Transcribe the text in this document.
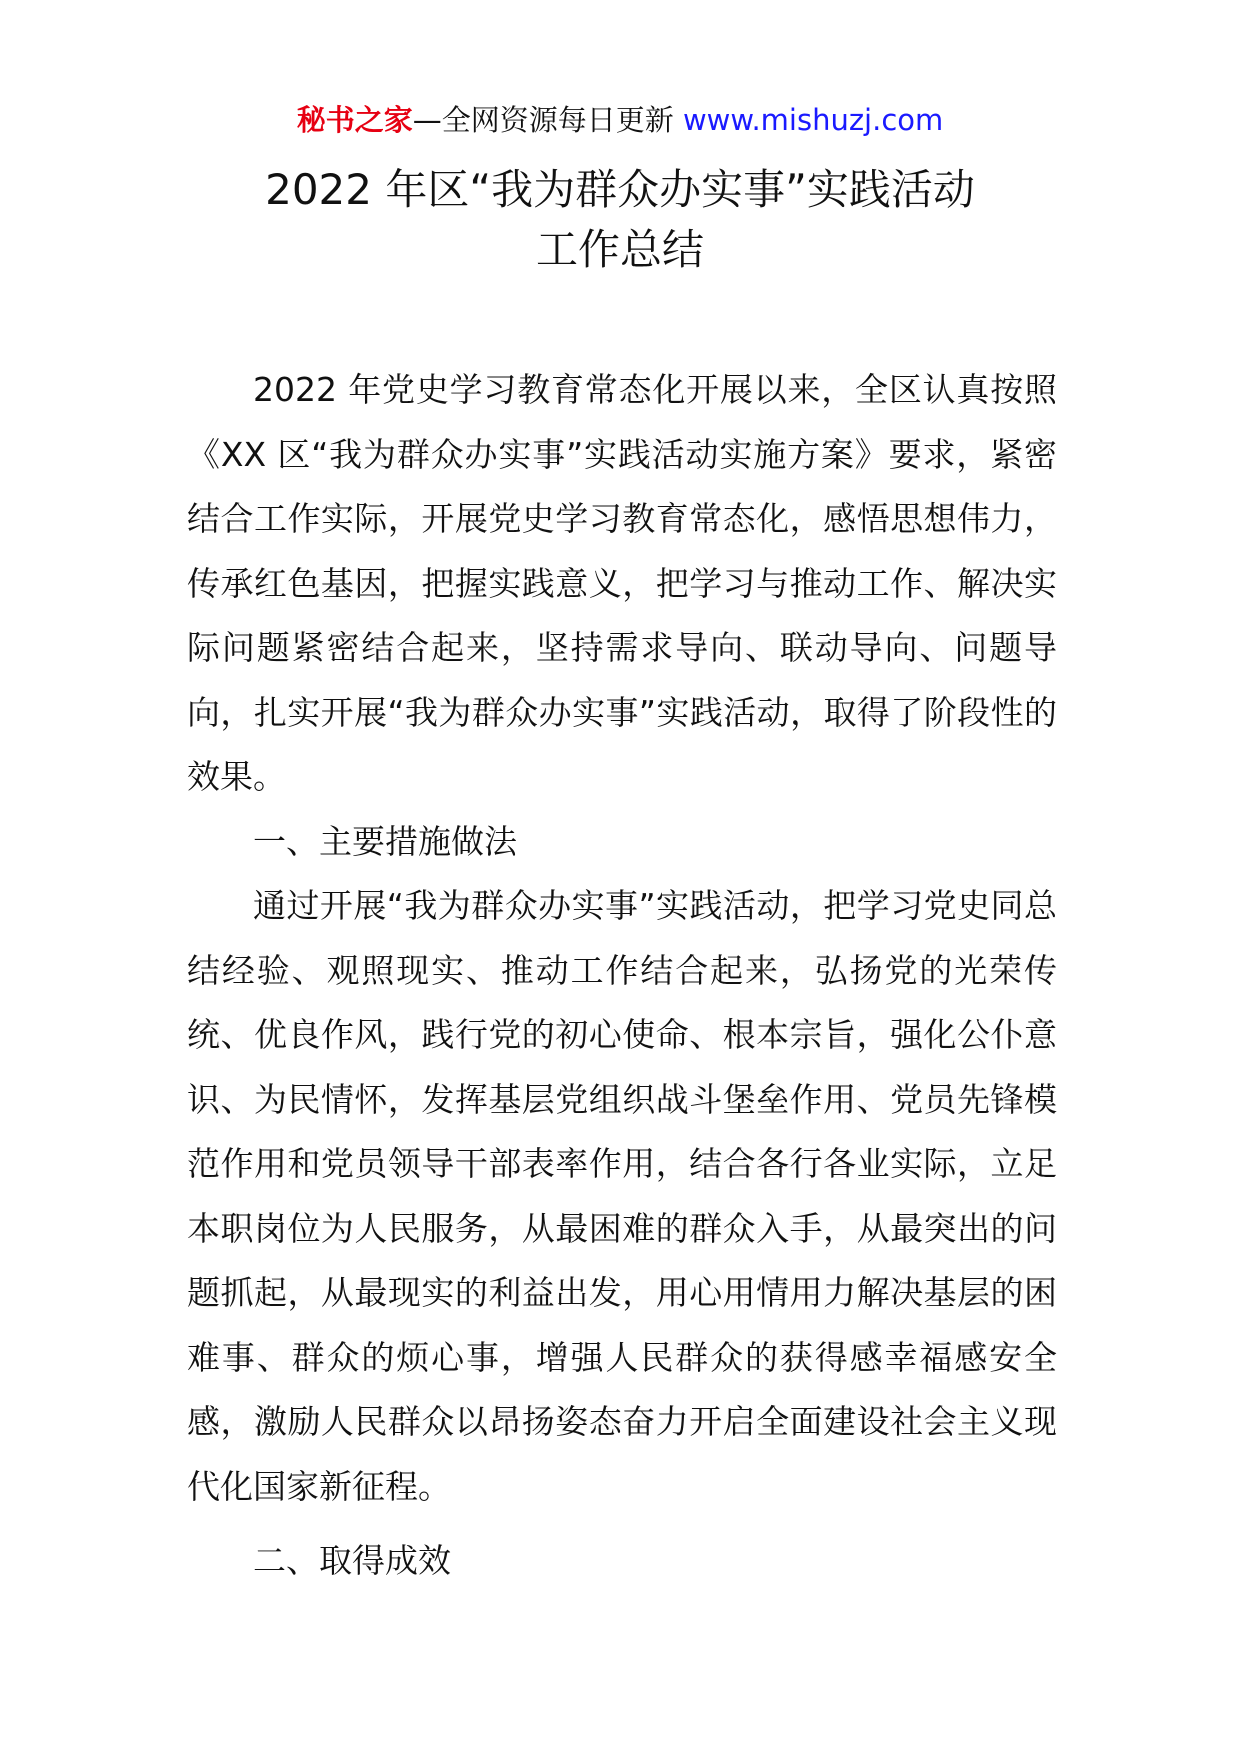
秘书之家—全网资源每日更新 www.mishuzj.com
2022 年区“我为群众办实事”实践活动
工作总结

2022 年党史学习教育常态化开展以来，全区认真按照《XX 区“我为群众办实事”实践活动实施方案》要求，紧密结合工作实际，开展党史学习教育常态化，感悟思想伟力，传承红色基因，把握实践意义，把学习与推动工作、解决实际问题紧密结合起来，坚持需求导向、联动导向、问题导向，扎实开展“我为群众办实事”实践活动，取得了阶段性的效果。

一、主要措施做法

通过开展“我为群众办实事”实践活动，把学习党史同总结经验、观照现实、推动工作结合起来，弘扬党的光荣传统、优良作风，践行党的初心使命、根本宗旨，强化公仆意识、为民情怀，发挥基层党组织战斗堡垒作用、党员先锋模范作用和党员领导干部表率作用，结合各行各业实际，立足本职岗位为人民服务，从最困难的群众入手，从最突出的问题抓起，从最现实的利益出发，用心用情用力解决基层的困难事、群众的烦心事，增强人民群众的获得感幸福感安全感，激励人民群众以昂扬姿态奋力开启全面建设社会主义现代化国家新征程。

二、取得成效
